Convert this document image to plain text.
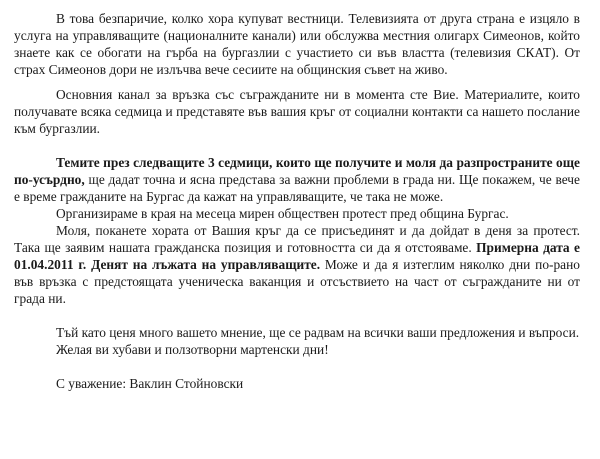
В това безпаричие, колко хора купуват вестници. Телевизията от друга страна е изцяло в услуга на управляващите (националните канали) или обслужва местния олигарх Симеонов, който знаете как се обогати на гърба на бургазлии с участието си във властта (телевизия СКАТ). От страх Симеонов дори не излъчва вече сесиите на общинския съвет на живо.

Основния канал за връзка със съгражданите ни в момента сте Вие. Материалите, които получавате всяка седмица и представяте във вашия кръг от социални контакти са нашето послание към бургазлии.

Темите през следващите 3 седмици, които ще получите и моля да разпространите още по-усърдно, ще дадат точна и ясна представа за важни проблеми в града ни. Ще покажем, че вече е време гражданите на Бургас да кажат на управляващите, че така не може.

Организираме в края на месеца мирен обществен протест пред община Бургас.

Моля, поканете хората от Вашия кръг да се присъединят и да дойдат в деня за протест. Така ще заявим нашата гражданска позиция и готовността си да я отстояваме. Примерна дата е 01.04.2011 г. Денят на лъжата на управляващите. Може и да я изтеглим няколко дни по-рано във връзка с предстоящата ученическа ваканция и отсъствието на част от съгражданите ни от града ни.

Тъй като ценя много вашето мнение, ще се радвам на всички ваши предложения и въпроси.

Желая ви хубави и ползотворни мартенски дни!

С уважение: Ваклин Стойновски
